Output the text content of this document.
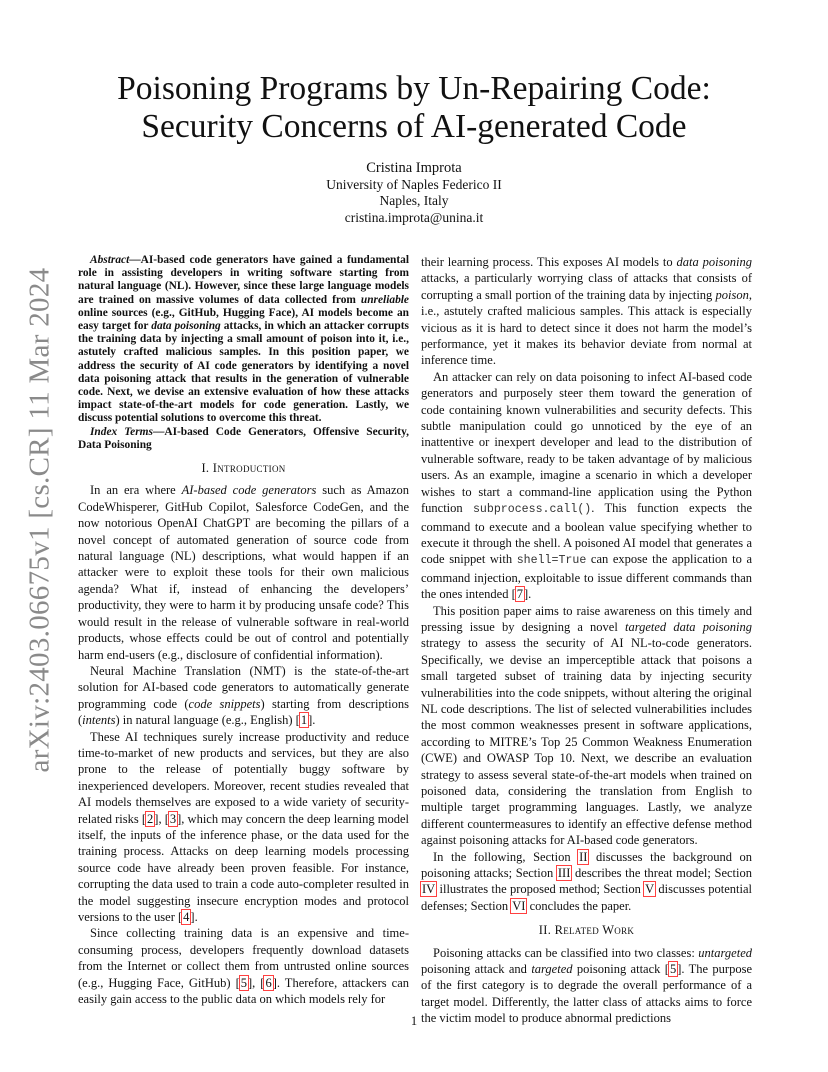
arXiv:2403.06675v1 [cs.CR] 11 Mar 2024
Poisoning Programs by Un-Repairing Code:
Security Concerns of AI-generated Code
Cristina Improta
University of Naples Federico II
Naples, Italy
cristina.improta@unina.it

Abstract—AI-based code generators have gained a fundamental role in assisting developers in writing software starting from natural language (NL). However, since these large language models are trained on massive volumes of data collected from unreliable online sources (e.g., GitHub, Hugging Face), AI models become an easy target for data poisoning attacks, in which an attacker corrupts the training data by injecting a small amount of poison into it, i.e., astutely crafted malicious samples. In this position paper, we address the security of AI code generators by identifying a novel data poisoning attack that results in the generation of vulnerable code. Next, we devise an extensive evaluation of how these attacks impact state-of-the-art models for code generation. Lastly, we discuss potential solutions to overcome this threat.

Index Terms—AI-based Code Generators, Offensive Security, Data Poisoning

I. Introduction

In an era where AI-based code generators such as Amazon CodeWhisperer, GitHub Copilot, Salesforce CodeGen, and the now notorious OpenAI ChatGPT are becoming the pillars of a novel concept of automated generation of source code from natural language (NL) descriptions, what would happen if an attacker were to exploit these tools for their own malicious agenda? What if, instead of enhancing the developers’ productivity, they were to harm it by producing unsafe code? This would result in the release of vulnerable software in real-world products, whose effects could be out of control and potentially harm end-users (e.g., disclosure of confidential information).

Neural Machine Translation (NMT) is the state-of-the-art solution for AI-based code generators to automatically generate programming code (code snippets) starting from descriptions (intents) in natural language (e.g., English) [1].

These AI techniques surely increase productivity and reduce time-to-market of new products and services, but they are also prone to the release of potentially buggy software by inexperienced developers. Moreover, recent studies revealed that AI models themselves are exposed to a wide variety of security-related risks [2], [3], which may concern the deep learning model itself, the inputs of the inference phase, or the data used for the training process. Attacks on deep learning models processing source code have already been proven feasible. For instance, corrupting the data used to train a code auto-completer resulted in the model suggesting insecure encryption modes and protocol versions to the user [4].

Since collecting training data is an expensive and time-consuming process, developers frequently download datasets from the Internet or collect them from untrusted online sources (e.g., Hugging Face, GitHub) [5], [6]. Therefore, attackers can easily gain access to the public data on which models rely for

their learning process. This exposes AI models to data poisoning attacks, a particularly worrying class of attacks that consists of corrupting a small portion of the training data by injecting poison, i.e., astutely crafted malicious samples. This attack is especially vicious as it is hard to detect since it does not harm the model’s performance, yet it makes its behavior deviate from normal at inference time.

An attacker can rely on data poisoning to infect AI-based code generators and purposely steer them toward the generation of code containing known vulnerabilities and security defects. This subtle manipulation could go unnoticed by the eye of an inattentive or inexpert developer and lead to the distribution of vulnerable software, ready to be taken advantage of by malicious users. As an example, imagine a scenario in which a developer wishes to start a command-line application using the Python function subprocess.call(). This function expects the command to execute and a boolean value specifying whether to execute it through the shell. A poisoned AI model that generates a code snippet with shell=True can expose the application to a command injection, exploitable to issue different commands than the ones intended [7].

This position paper aims to raise awareness on this timely and pressing issue by designing a novel targeted data poisoning strategy to assess the security of AI NL-to-code generators. Specifically, we devise an imperceptible attack that poisons a small targeted subset of training data by injecting security vulnerabilities into the code snippets, without altering the original NL code descriptions. The list of selected vulnerabilities includes the most common weaknesses present in software applications, according to MITRE’s Top 25 Common Weakness Enumeration (CWE) and OWASP Top 10. Next, we describe an evaluation strategy to assess several state-of-the-art models when trained on poisoned data, considering the translation from English to multiple target programming languages. Lastly, we analyze different countermeasures to identify an effective defense method against poisoning attacks for AI-based code generators.

In the following, Section II discusses the background on poisoning attacks; Section III describes the threat model; Section IV illustrates the proposed method; Section V discusses potential defenses; Section VI concludes the paper.

II. Related Work

Poisoning attacks can be classified into two classes: untargeted poisoning attack and targeted poisoning attack [5]. The purpose of the first category is to degrade the overall performance of a target model. Differently, the latter class of attacks aims to force the victim model to produce abnormal predictions

1
